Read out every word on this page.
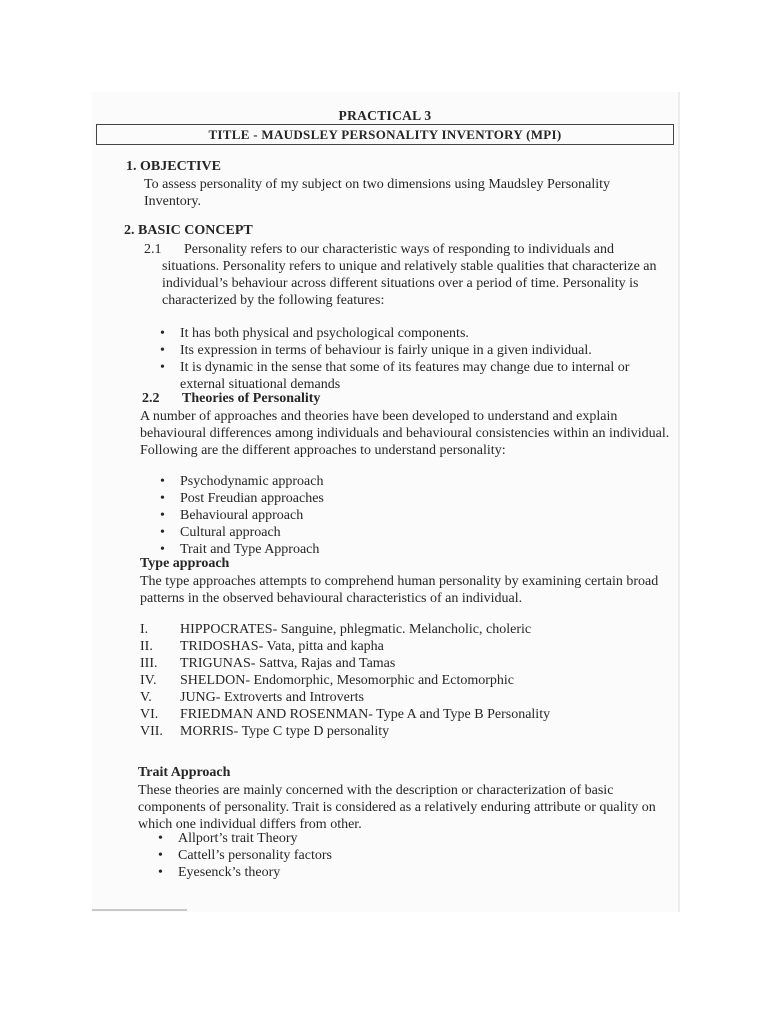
PRACTICAL 3
TITLE - MAUDSLEY PERSONALITY INVENTORY (MPI)
1. OBJECTIVE
To assess personality of my subject on two dimensions using Maudsley Personality Inventory.
2. BASIC CONCEPT
2.1	Personality refers to our characteristic ways of responding to individuals and situations. Personality refers to unique and relatively stable qualities that characterize an individual’s behaviour across different situations over a period of time. Personality is characterized by the following features:
• It has both physical and psychological components.
• Its expression in terms of behaviour is fairly unique in a given individual.
• It is dynamic in the sense that some of its features may change due to internal or external situational demands
2.2 Theories of Personality
A number of approaches and theories have been developed to understand and explain behavioural differences among individuals and behavioural consistencies within an individual. Following are the different approaches to understand personality:
• Psychodynamic approach
• Post Freudian approaches
• Behavioural approach
• Cultural approach
• Trait and Type Approach
Type approach
The type approaches attempts to comprehend human personality by examining certain broad patterns in the observed behavioural characteristics of an individual.
I. HIPPOCRATES- Sanguine, phlegmatic. Melancholic, choleric
II. TRIDOSHAS- Vata, pitta and kapha
III. TRIGUNAS- Sattva, Rajas and Tamas
IV. SHELDON- Endomorphic, Mesomorphic and Ectomorphic
V. JUNG- Extroverts and Introverts
VI. FRIEDMAN AND ROSENMAN- Type A and Type B Personality
VII. MORRIS- Type C type D personality
Trait Approach
These theories are mainly concerned with the description or characterization of basic components of personality. Trait is considered as a relatively enduring attribute or quality on which one individual differs from other.
• Allport’s trait Theory
• Cattell’s personality factors
• Eyesenck’s theory
